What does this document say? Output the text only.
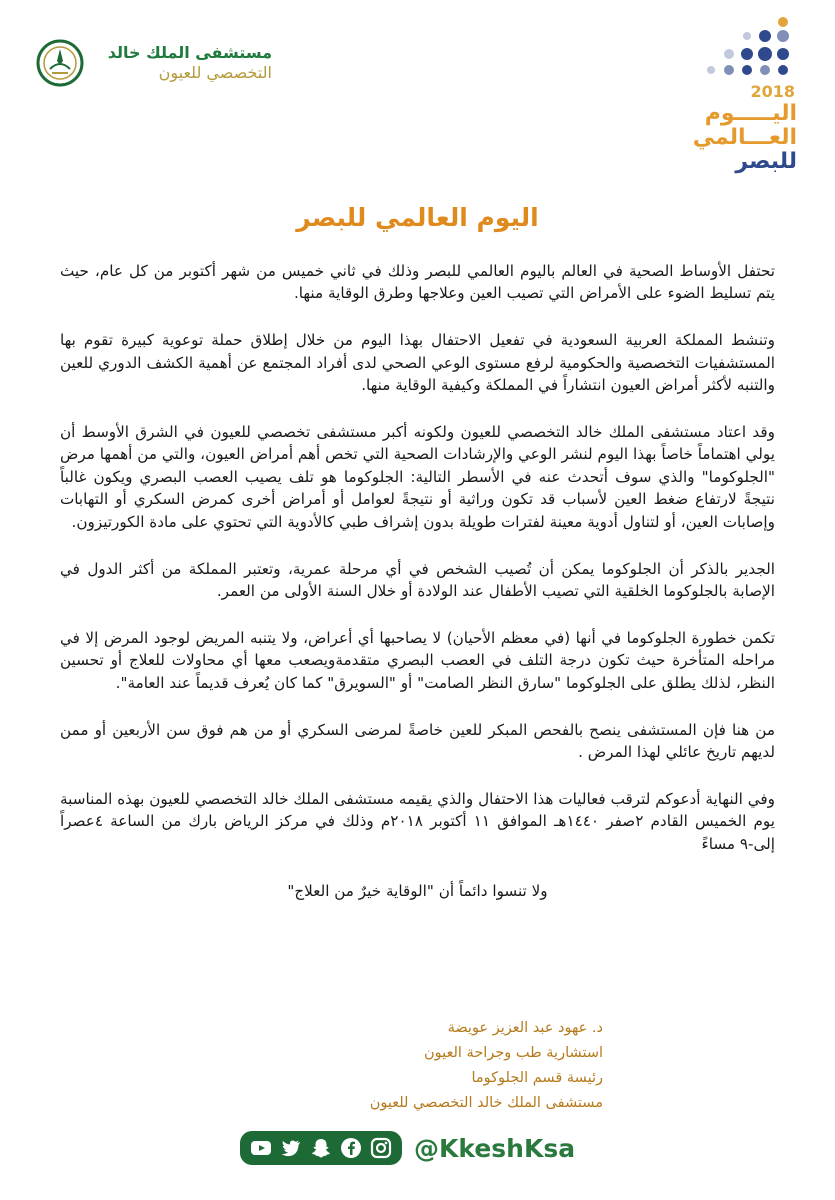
مستشفى الملك خالد
التخصصي للعيون
2018
اليـــــوم
العـــالمي
للبصر
اليوم العالمي للبصر

تحتفل الأوساط الصحية في العالم باليوم العالمي للبصر وذلك في ثاني خميس من شهر أكتوبر من كل عام، حيث يتم تسليط الضوء على الأمراض التي تصيب العين وعلاجها وطرق الوقاية منها.

وتنشط المملكة العربية السعودية في تفعيل الاحتفال بهذا اليوم من خلال إطلاق حملة توعوية كبيرة تقوم بها المستشفيات التخصصية والحكومية لرفع مستوى الوعي الصحي لدى أفراد المجتمع عن أهمية الكشف الدوري للعين والتنبه لأكثر أمراض العيون انتشاراً في المملكة وكيفية الوقاية منها.

وقد اعتاد مستشفى الملك خالد التخصصي للعيون ولكونه أكبر مستشفى تخصصي للعيون في الشرق الأوسط أن يولي اهتماماً خاصاً بهذا اليوم لنشر الوعي والإرشادات الصحية التي تخص أهم أمراض العيون، والتي من أهمها مرض "الجلوكوما" والذي سوف أتحدث عنه في الأسطر التالية: الجلوكوما هو تلف يصيب العصب البصري ويكون غالباً نتيجةً لارتفاع ضغط العين لأسباب قد تكون وراثية أو نتيجةً لعوامل أو أمراض أخرى كمرض السكري أو التهابات وإصابات العين، أو لتناول أدوية معينة لفترات طويلة بدون إشراف طبي كالأدوية التي تحتوي على مادة الكورتيزون.

الجدير بالذكر أن الجلوكوما يمكن أن تُصيب الشخص في أي مرحلة عمرية، وتعتبر المملكة من أكثر الدول في الإصابة بالجلوكوما الخلقية التي تصيب الأطفال عند الولادة أو خلال السنة الأولى من العمر.

تكمن خطورة الجلوكوما في أنها (في معظم الأحيان) لا يصاحبها أي أعراض، ولا يتنبه المريض لوجود المرض إلا في مراحله المتأخرة حيث تكون درجة التلف في العصب البصري متقدمةويصعب معها أي محاولات للعلاج أو تحسين النظر، لذلك يطلق على الجلوكوما "سارق النظر الصامت" أو "السويرق" كما كان يُعرف قديماً عند العامة".

من هنا فإن المستشفى ينصح بالفحص المبكر للعين خاصةً لمرضى السكري أو من هم فوق سن الأربعين أو ممن لديهم تاريخ عائلي لهذا المرض .

وفي النهاية أدعوكم لترقب فعاليات هذا الاحتفال والذي يقيمه مستشفى الملك خالد التخصصي للعيون بهذه المناسبة يوم الخميس القادم ٢صفر ١٤٤٠هـ الموافق ١١ أكتوبر ٢٠١٨م وذلك في مركز الرياض بارك من الساعة ٤عصراً إلى-٩ مساءً

ولا تنسوا دائماً أن "الوقاية خيرٌ من العلاج"

د. عهود عبد العزيز عويضة
استشارية طب وجراحة العيون
رئيسة قسم الجلوكوما
مستشفى الملك خالد التخصصي للعيون
@KkeshKsa
